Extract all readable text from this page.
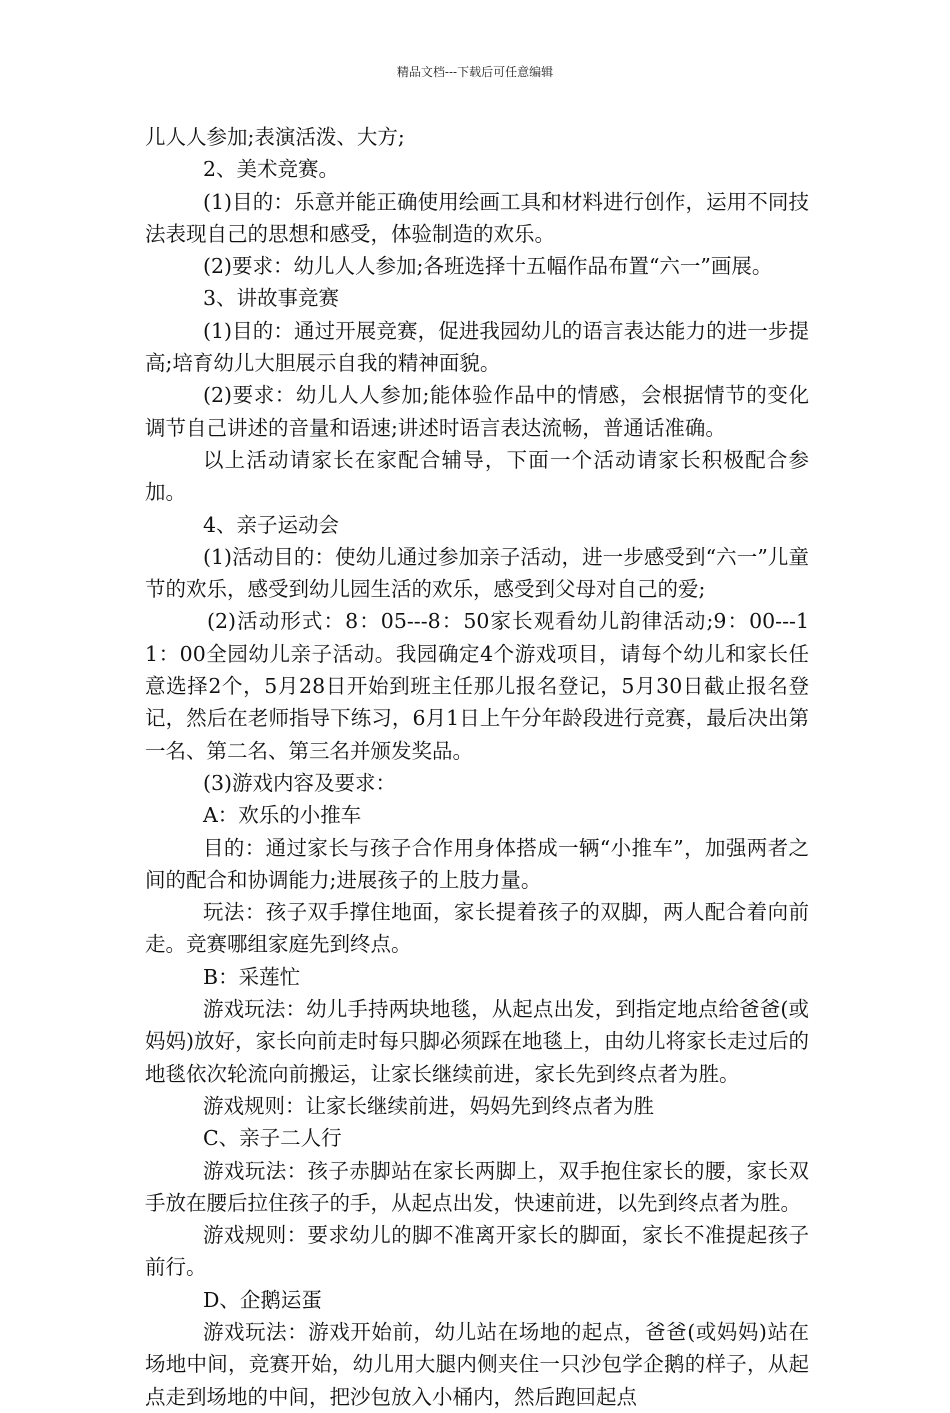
精品文档---下载后可任意编辑

儿人人参加;表演活泼、大方;

2、美术竞赛。

(1)目的：乐意并能正确使用绘画工具和材料进行创作，运用不同技法表现自己的思想和感受，体验制造的欢乐。

(2)要求：幼儿人人参加;各班选择十五幅作品布置“六一”画展。

3、讲故事竞赛

(1)目的：通过开展竞赛，促进我园幼儿的语言表达能力的进一步提高;培育幼儿大胆展示自我的精神面貌。

(2)要求：幼儿人人参加;能体验作品中的情感，会根据情节的变化调节自己讲述的音量和语速;讲述时语言表达流畅，普通话准确。

以上活动请家长在家配合辅导，下面一个活动请家长积极配合参加。

4、亲子运动会

(1)活动目的：使幼儿通过参加亲子活动，进一步感受到“六一”儿童节的欢乐，感受到幼儿园生活的欢乐，感受到父母对自己的爱;

(2)活动形式：8：05---8：50家长观看幼儿韵律活动;9：00---11：00全园幼儿亲子活动。我园确定4个游戏项目，请每个幼儿和家长任意选择2个，5月28日开始到班主任那儿报名登记，5月30日截止报名登记，然后在老师指导下练习，6月1日上午分年龄段进行竞赛，最后决出第一名、第二名、第三名并颁发奖品。

(3)游戏内容及要求：

A：欢乐的小推车

目的：通过家长与孩子合作用身体搭成一辆“小推车”，加强两者之间的配合和协调能力;进展孩子的上肢力量。

玩法：孩子双手撑住地面，家长提着孩子的双脚，两人配合着向前走。竞赛哪组家庭先到终点。

B：采莲忙

游戏玩法：幼儿手持两块地毯，从起点出发，到指定地点给爸爸(或妈妈)放好，家长向前走时每只脚必须踩在地毯上，由幼儿将家长走过后的地毯依次轮流向前搬运，让家长继续前进，家长先到终点者为胜。

游戏规则：让家长继续前进，妈妈先到终点者为胜

C、亲子二人行

游戏玩法：孩子赤脚站在家长两脚上，双手抱住家长的腰，家长双手放在腰后拉住孩子的手，从起点出发，快速前进，以先到终点者为胜。

游戏规则：要求幼儿的脚不准离开家长的脚面，家长不准提起孩子前行。

D、企鹅运蛋

游戏玩法：游戏开始前，幼儿站在场地的起点，爸爸(或妈妈)站在场地中间，竞赛开始，幼儿用大腿内侧夹住一只沙包学企鹅的样子，从起点走到场地的中间，把沙包放入小桶内，然后跑回起点
